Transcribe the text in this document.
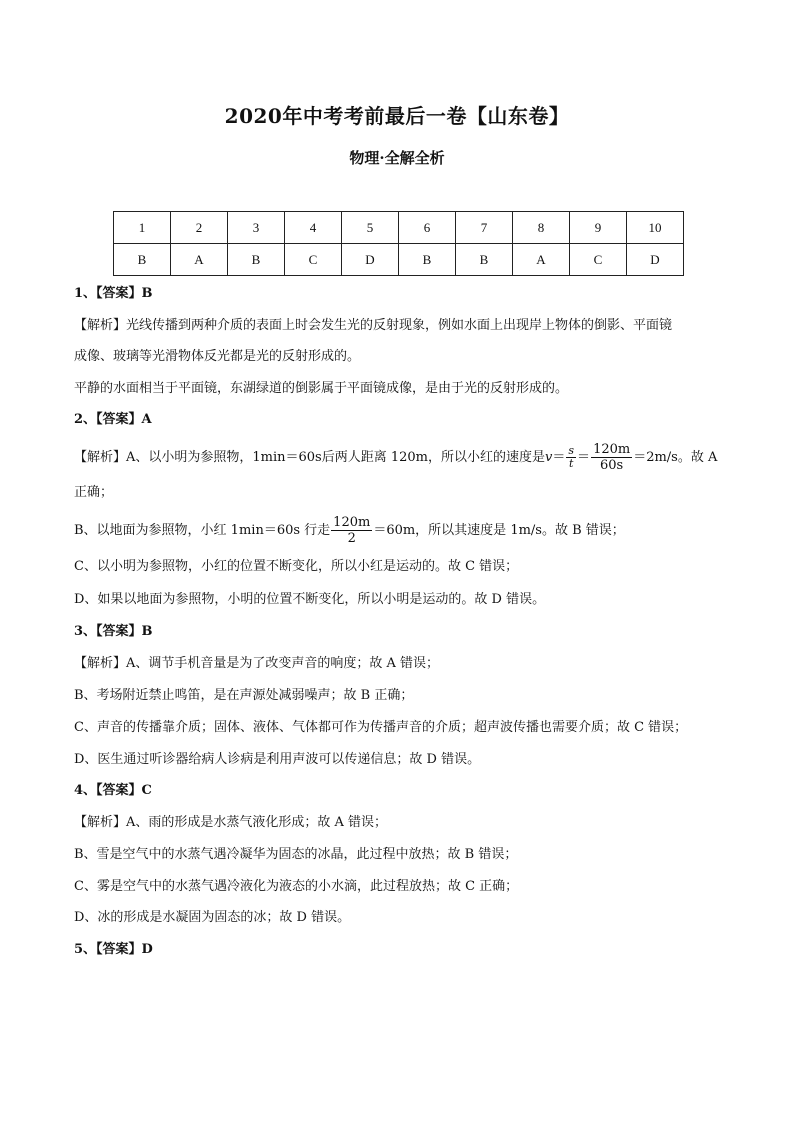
2020年中考考前最后一卷【山东卷】
物理·全解全析
1	2	3	4	5	6	7	8	9	10
B	A	B	C	D	B	B	A	C	D
1、【答案】B
【解析】光线传播到两种介质的表面上时会发生光的反射现象，例如水面上出现岸上物体的倒影、平面镜
成像、玻璃等光滑物体反光都是光的反射形成的。
平静的水面相当于平面镜，东湖绿道的倒影属于平面镜成像，是由于光的反射形成的。
2、【答案】A
【解析】A、以小明为参照物，1min＝60s后两人距离 120m，所以小红的速度是$v= \frac{s}{t} = \frac{120m}{60s} =2m/s$。故 A
正确；
B、以地面为参照物，小红 1min＝60s 行走 $\frac{120m}{2} =60m$，所以其速度是 1m/s。故 B 错误；
C、以小明为参照物，小红的位置不断变化，所以小红是运动的。故 C 错误；
D、如果以地面为参照物，小明的位置不断变化，所以小明是运动的。故 D 错误。
3、【答案】B
【解析】A、调节手机音量是为了改变声音的响度；故 A 错误；
B、考场附近禁止鸣笛，是在声源处减弱噪声；故 B 正确；
C、声音的传播靠介质；固体、液体、气体都可作为传播声音的介质；超声波传播也需要介质；故 C 错误；
D、医生通过听诊器给病人诊病是利用声波可以传递信息；故 D 错误。
4、【答案】C
【解析】A、雨的形成是水蒸气液化形成；故 A 错误；
B、雪是空气中的水蒸气遇冷凝华为固态的冰晶，此过程中放热；故 B 错误；
C、雾是空气中的水蒸气遇冷液化为液态的小水滴，此过程放热；故 C 正确；
D、冰的形成是水凝固为固态的冰；故 D 错误。
5、【答案】D
